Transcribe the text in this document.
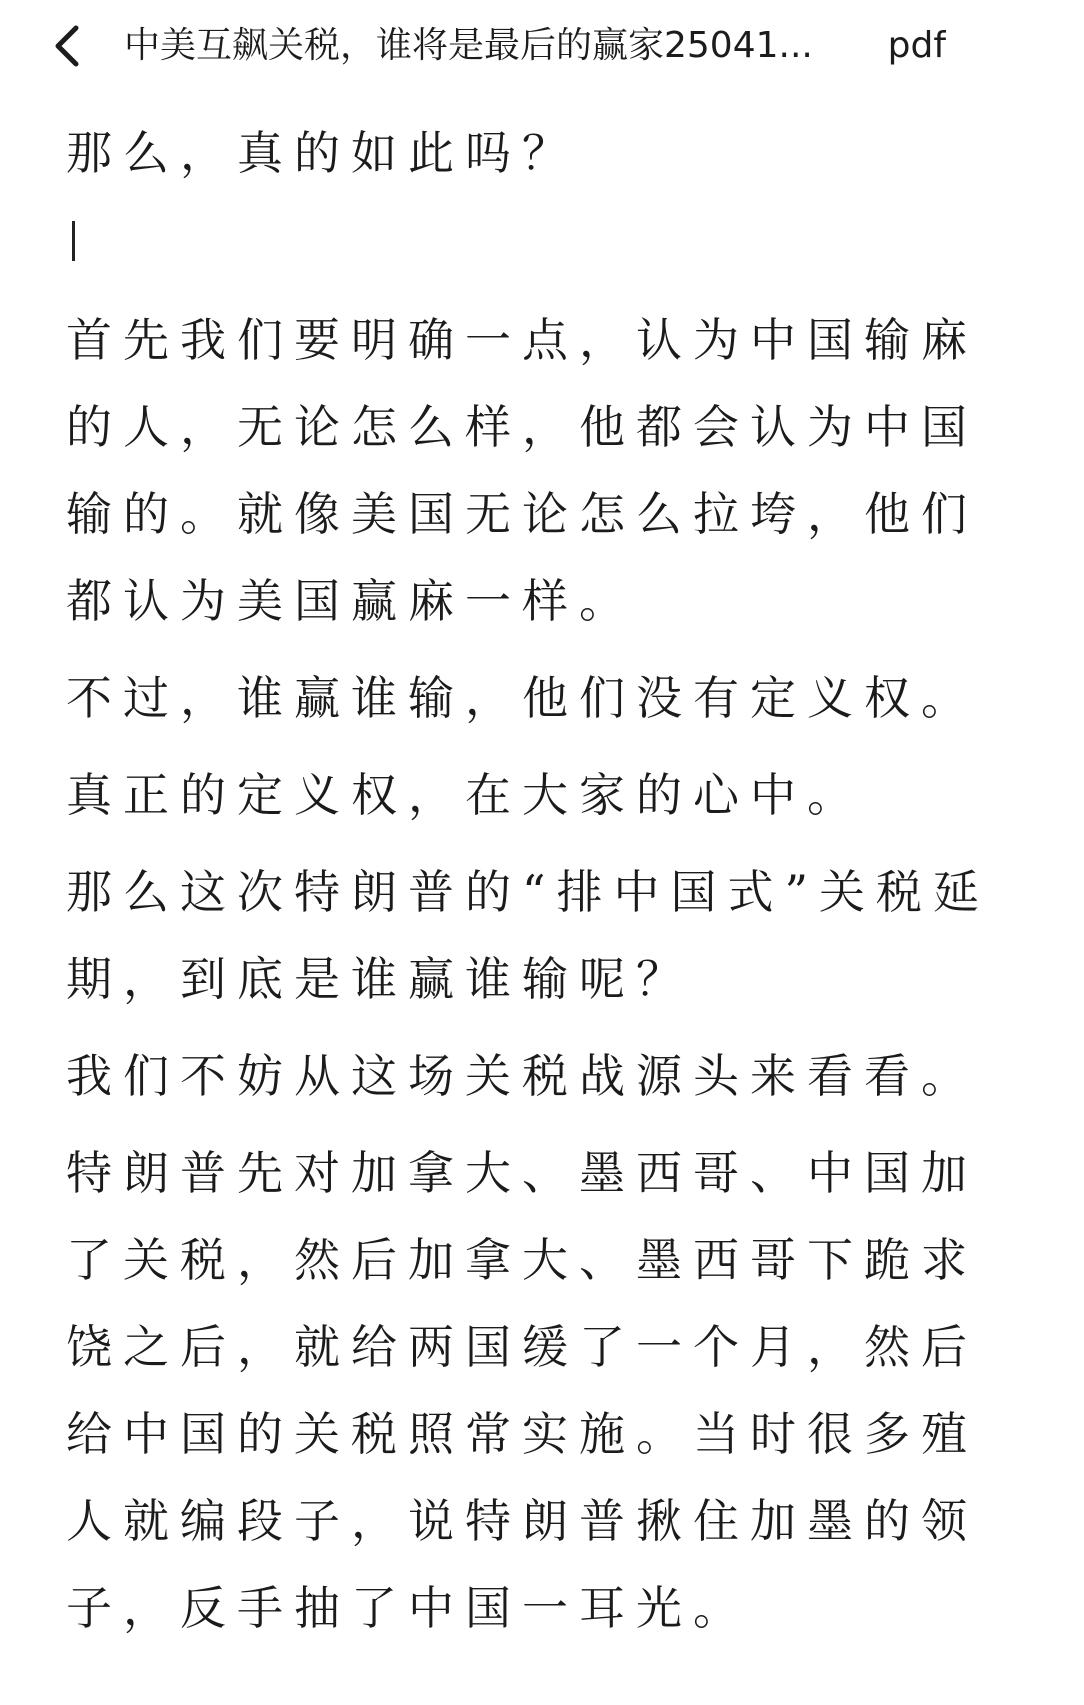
中美互飙关税，谁将是最后的赢家25041... pdf

那么，真的如此吗？

首先我们要明确一点，认为中国输麻的人，无论怎么样，他都会认为中国输的。就像美国无论怎么拉垮，他们都认为美国赢麻一样。

不过，谁赢谁输，他们没有定义权。

真正的定义权，在大家的心中。

那么这次特朗普的“排中国式”关税延期，到底是谁赢谁输呢？

我们不妨从这场关税战源头来看看。

特朗普先对加拿大、墨西哥、中国加了关税，然后加拿大、墨西哥下跪求饶之后，就给两国缓了一个月，然后给中国的关税照常实施。当时很多殖人就编段子，说特朗普揪住加墨的领子，反手抽了中国一耳光。
